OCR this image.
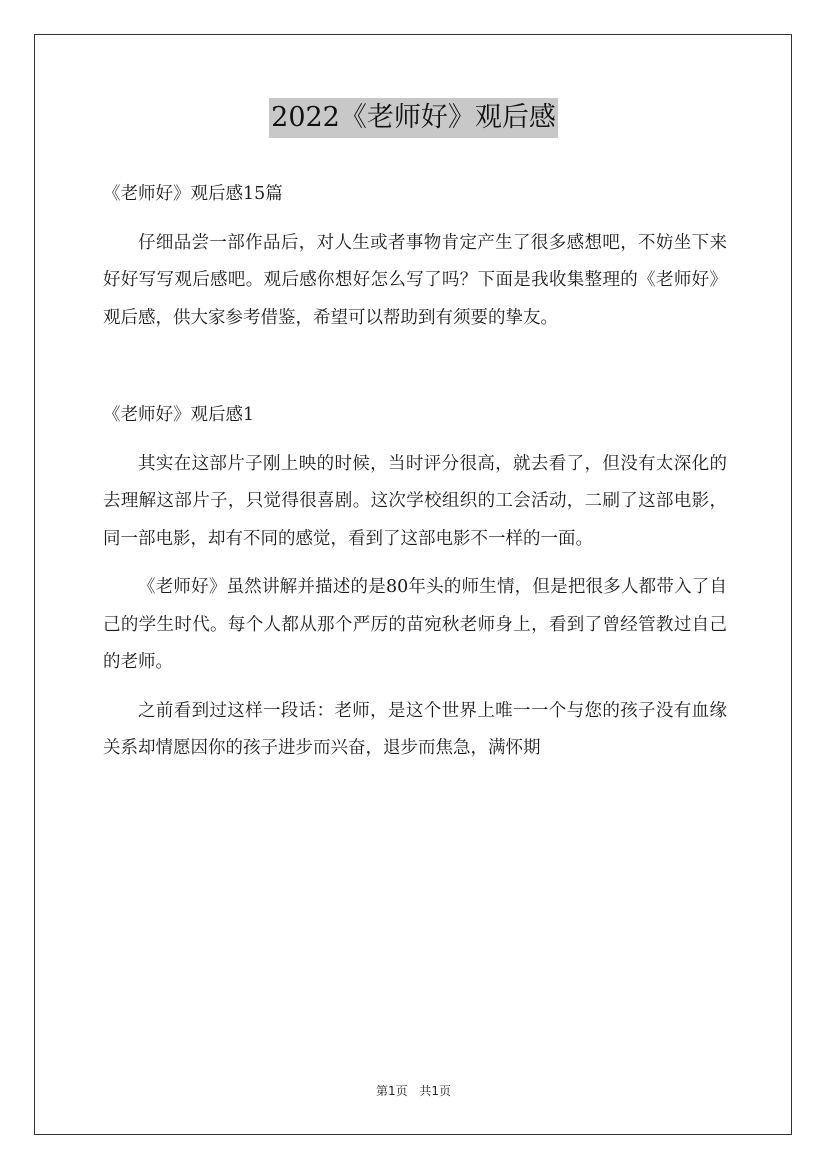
2022《老师好》观后感

《老师好》观后感15篇

仔细品尝一部作品后，对人生或者事物肯定产生了很多感想吧，不妨坐下来好好写写观后感吧。观后感你想好怎么写了吗？下面是我收集整理的《老师好》观后感，供大家参考借鉴，希望可以帮助到有须要的挚友。

《老师好》观后感1

其实在这部片子刚上映的时候，当时评分很高，就去看了，但没有太深化的去理解这部片子，只觉得很喜剧。这次学校组织的工会活动，二刷了这部电影，同一部电影，却有不同的感觉，看到了这部电影不一样的一面。

《老师好》虽然讲解并描述的是80年头的师生情，但是把很多人都带入了自己的学生时代。每个人都从那个严厉的苗宛秋老师身上，看到了曾经管教过自己的老师。

之前看到过这样一段话：老师，是这个世界上唯一一个与您的孩子没有血缘关系却情愿因你的孩子进步而兴奋，退步而焦急，满怀期

第1页 共1页
